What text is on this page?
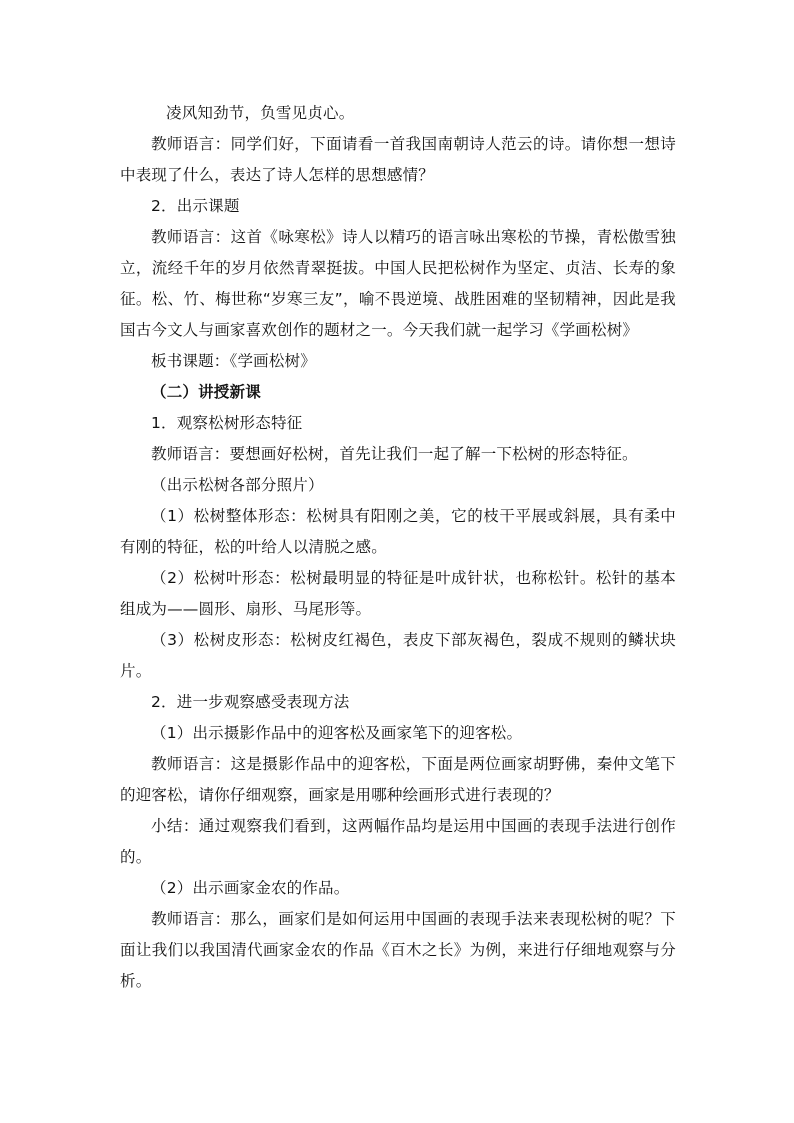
凌风知劲节，负雪见贞心。

教师语言：同学们好，下面请看一首我国南朝诗人范云的诗。请你想一想诗中表现了什么，表达了诗人怎样的思想感情？

2．出示课题

教师语言：这首《咏寒松》诗人以精巧的语言咏出寒松的节操，青松傲雪独立，流经千年的岁月依然青翠挺拔。中国人民把松树作为坚定、贞洁、长寿的象征。松、竹、梅世称“岁寒三友”，喻不畏逆境、战胜困难的坚韧精神，因此是我国古今文人与画家喜欢创作的题材之一。今天我们就一起学习《学画松树》

板书课题：《学画松树》

（二）讲授新课

1．观察松树形态特征

教师语言：要想画好松树，首先让我们一起了解一下松树的形态特征。

（出示松树各部分照片）

（1）松树整体形态：松树具有阳刚之美，它的枝干平展或斜展，具有柔中有刚的特征，松的叶给人以清脱之感。

（2）松树叶形态：松树最明显的特征是叶成针状，也称松针。松针的基本组成为——圆形、扇形、马尾形等。

（3）松树皮形态：松树皮红褐色，表皮下部灰褐色，裂成不规则的鳞状块片。

2．进一步观察感受表现方法

（1）出示摄影作品中的迎客松及画家笔下的迎客松。

教师语言：这是摄影作品中的迎客松，下面是两位画家胡野佛，秦仲文笔下的迎客松，请你仔细观察，画家是用哪种绘画形式进行表现的？

小结：通过观察我们看到，这两幅作品均是运用中国画的表现手法进行创作的。

（2）出示画家金农的作品。

教师语言：那么，画家们是如何运用中国画的表现手法来表现松树的呢？下面让我们以我国清代画家金农的作品《百木之长》为例，来进行仔细地观察与分析。
